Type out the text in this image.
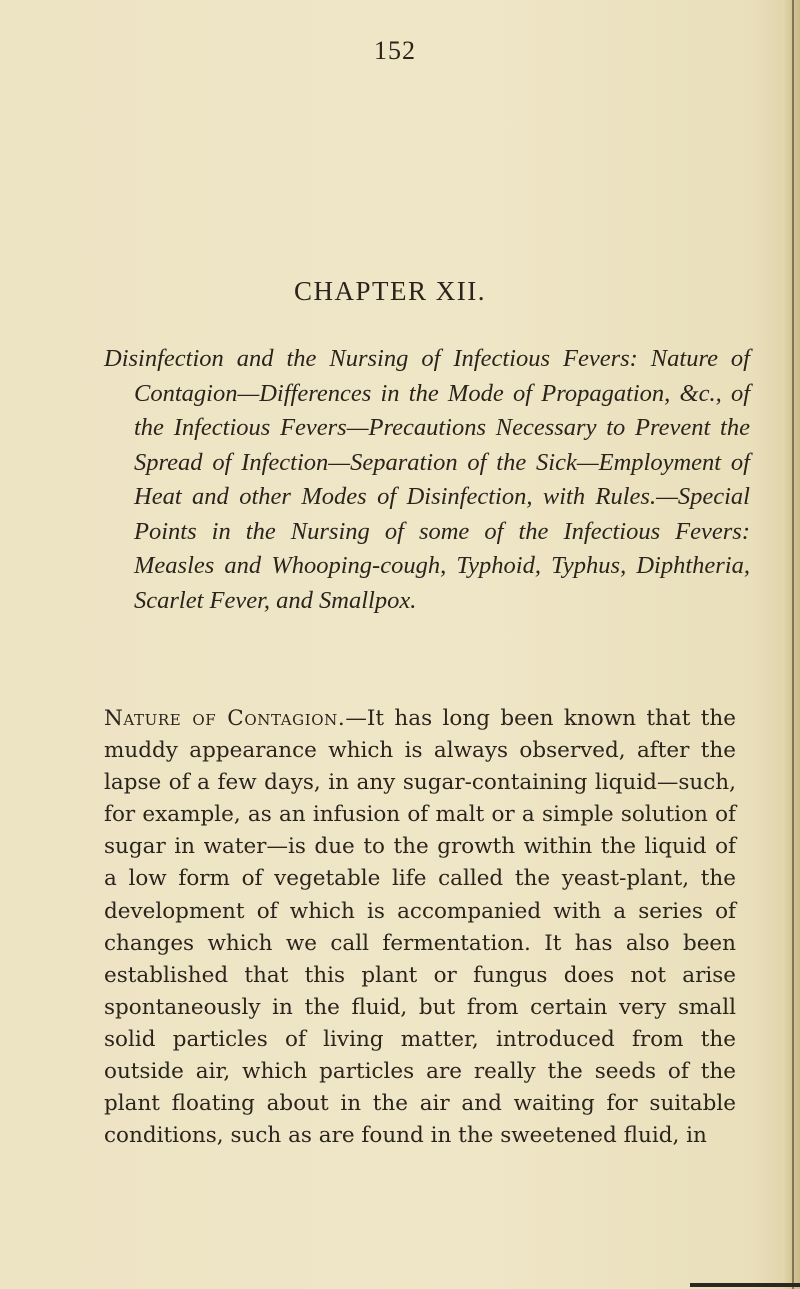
152
CHAPTER XII.

Disinfection and the Nursing of Infectious Fevers: Nature of Contagion—Differences in the Mode of Propagation, &c., of the Infectious Fevers—Precautions Necessary to Prevent the Spread of Infection—Separation of the Sick—Employment of Heat and other Modes of Disinfection, with Rules.—Special Points in the Nursing of some of the Infectious Fevers: Measles and Whooping-cough, Typhoid, Typhus, Diphtheria, Scarlet Fever, and Smallpox.

Nature of Contagion.—It has long been known that the muddy appearance which is always observed, after the lapse of a few days, in any sugar-containing liquid—such, for example, as an infusion of malt or a simple solution of sugar in water—is due to the growth within the liquid of a low form of vegetable life called the yeast-plant, the development of which is accompanied with a series of changes which we call fermentation. It has also been established that this plant or fungus does not arise spontaneously in the fluid, but from certain very small solid particles of living matter, introduced from the outside air, which particles are really the seeds of the plant floating about in the air and waiting for suitable conditions, such as are found in the sweetened fluid, in
